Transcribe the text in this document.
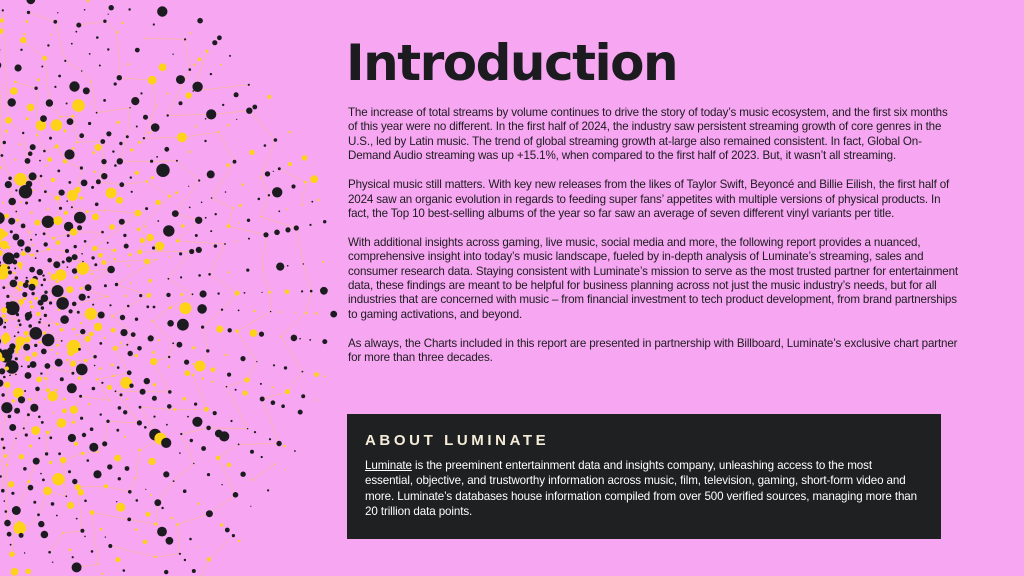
Introduction

The increase of total streams by volume continues to drive the story of today’s music ecosystem, and the first six months of this year were no different. In the first half of 2024, the industry saw persistent streaming growth of core genres in the U.S., led by Latin music. The trend of global streaming growth at-large also remained consistent. In fact, Global On-Demand Audio streaming was up +15.1%, when compared to the first half of 2023. But, it wasn’t all streaming.

Physical music still matters. With key new releases from the likes of Taylor Swift, Beyoncé and Billie Eilish, the first half of 2024 saw an organic evolution in regards to feeding super fans’ appetites with multiple versions of physical products. In fact, the Top 10 best-selling albums of the year so far saw an average of seven different vinyl variants per title.

With additional insights across gaming, live music, social media and more, the following report provides a nuanced, comprehensive insight into today’s music landscape, fueled by in-depth analysis of Luminate’s streaming, sales and consumer research data. Staying consistent with Luminate’s mission to serve as the most trusted partner for entertainment data, these findings are meant to be helpful for business planning across not just the music industry’s needs, but for all industries that are concerned with music – from financial investment to tech product development, from brand partnerships to gaming activations, and beyond.

As always, the Charts included in this report are presented in partnership with Billboard, Luminate’s exclusive chart partner for more than three decades.

ABOUT LUMINATE

Luminate is the preeminent entertainment data and insights company, unleashing access to the most essential, objective, and trustworthy information across music, film, television, gaming, short-form video and more. Luminate’s databases house information compiled from over 500 verified sources, managing more than 20 trillion data points.
